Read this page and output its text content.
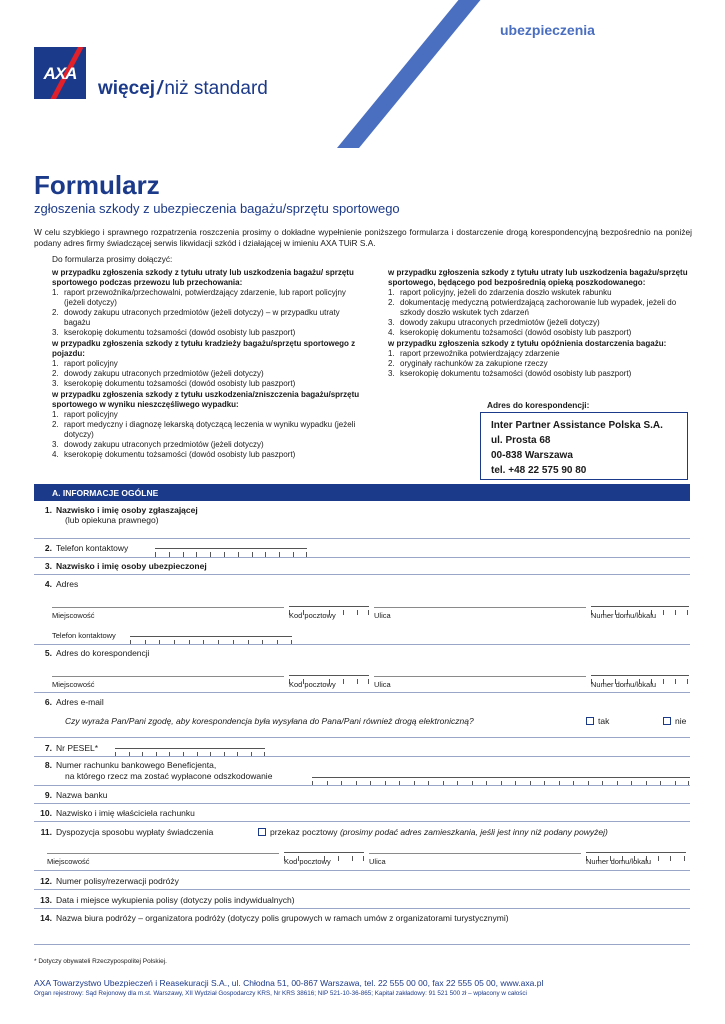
AXA
więcej / niż standard
ubezpieczenia
Formularz
zgłoszenia szkody z ubezpieczenia bagażu/sprzętu sportowego
W celu szybkiego i sprawnego rozpatrzenia roszczenia prosimy o dokładne wypełnienie poniższego formularza i dostarczenie drogą korespondencyjną bezpośrednio na poniżej podany adres firmy świadczącej serwis likwidacji szkód i działającej w imieniu AXA TUiR S.A.
Do formularza prosimy dołączyć:
w przypadku zgłoszenia szkody z tytułu utraty lub uszkodzenia bagażu/ sprzętu sportowego podczas przewozu lub przechowania:
1. raport przewoźnika/przechowalni, potwierdzający zdarzenie, lub raport policyjny (jeżeli dotyczy)
2. dowody zakupu utraconych przedmiotów (jeżeli dotyczy) – w przypadku utraty bagażu
3. kserokopię dokumentu tożsamości (dowód osobisty lub paszport)
w przypadku zgłoszenia szkody z tytułu kradzieży bagażu/sprzętu sportowego z pojazdu:
1. raport policyjny
2. dowody zakupu utraconych przedmiotów (jeżeli dotyczy)
3. kserokopię dokumentu tożsamości (dowód osobisty lub paszport)
w przypadku zgłoszenia szkody z tytułu uszkodzenia/zniszczenia bagażu/sprzętu sportowego w wyniku nieszczęśliwego wypadku:
1. raport policyjny
2. raport medyczny i diagnozę lekarską dotyczącą leczenia w wyniku wypadku (jeżeli dotyczy)
3. dowody zakupu utraconych przedmiotów (jeżeli dotyczy)
4. kserokopię dokumentu tożsamości (dowód osobisty lub paszport)
w przypadku zgłoszenia szkody z tytułu utraty lub uszkodzenia bagażu/sprzętu sportowego, będącego pod bezpośrednią opieką poszkodowanego:
1. raport policyjny, jeżeli do zdarzenia doszło wskutek rabunku
2. dokumentację medyczną potwierdzającą zachorowanie lub wypadek, jeżeli do szkody doszło wskutek tych zdarzeń
3. dowody zakupu utraconych przedmiotów (jeżeli dotyczy)
4. kserokopię dokumentu tożsamości (dowód osobisty lub paszport)
w przypadku zgłoszenia szkody z tytułu opóźnienia dostarczenia bagażu:
1. raport przewoźnika potwierdzający zdarzenie
2. oryginały rachunków za zakupione rzeczy
3. kserokopię dokumentu tożsamości (dowód osobisty lub paszport)
Adres do korespondencji:
Inter Partner Assistance Polska S.A.
ul. Prosta 68
00-838 Warszawa
tel. +48 22 575 90 80
A. INFORMACJE OGÓLNE
1. Nazwisko i imię osoby zgłaszającej
(lub opiekuna prawnego)
2. Telefon kontaktowy
3. Nazwisko i imię osoby ubezpieczonej
4. Adres
Miejscowość	Kod pocztowy	Ulica	Numer domu/lokalu
Telefon kontaktowy
5. Adres do korespondencji
Miejscowość	Kod pocztowy	Ulica	Numer domu/lokalu
6. Adres e-mail
Czy wyraża Pan/Pani zgodę, aby korespondencja była wysyłana do Pana/Pani również drogą elektroniczną?	tak	nie
7. Nr PESEL*
8. Numer rachunku bankowego Beneficjenta,
na którego rzecz ma zostać wypłacone odszkodowanie
9. Nazwa banku
10. Nazwisko i imię właściciela rachunku
11. Dyspozycja sposobu wypłaty świadczenia	przekaz pocztowy (prosimy podać adres zamieszkania, jeśli jest inny niż podany powyżej)
Miejscowość	Kod pocztowy	Ulica	Numer domu/lokalu
12. Numer polisy/rezerwacji podróży
13. Data i miejsce wykupienia polisy (dotyczy polis indywidualnych)
14. Nazwa biura podróży – organizatora podróży (dotyczy polis grupowych w ramach umów z organizatorami turystycznymi)
* Dotyczy obywateli Rzeczypospolitej Polskiej.
AXA Towarzystwo Ubezpieczeń i Reasekuracji S.A., ul. Chłodna 51, 00-867 Warszawa, tel. 22 555 00 00, fax 22 555 05 00, www.axa.pl
Organ rejestrowy: Sąd Rejonowy dla m.st. Warszawy, XII Wydział Gospodarczy KRS, Nr KRS 38616; NIP 521-10-36-865; Kapitał zakładowy: 91 521 500 zł – wpłacony w całości
